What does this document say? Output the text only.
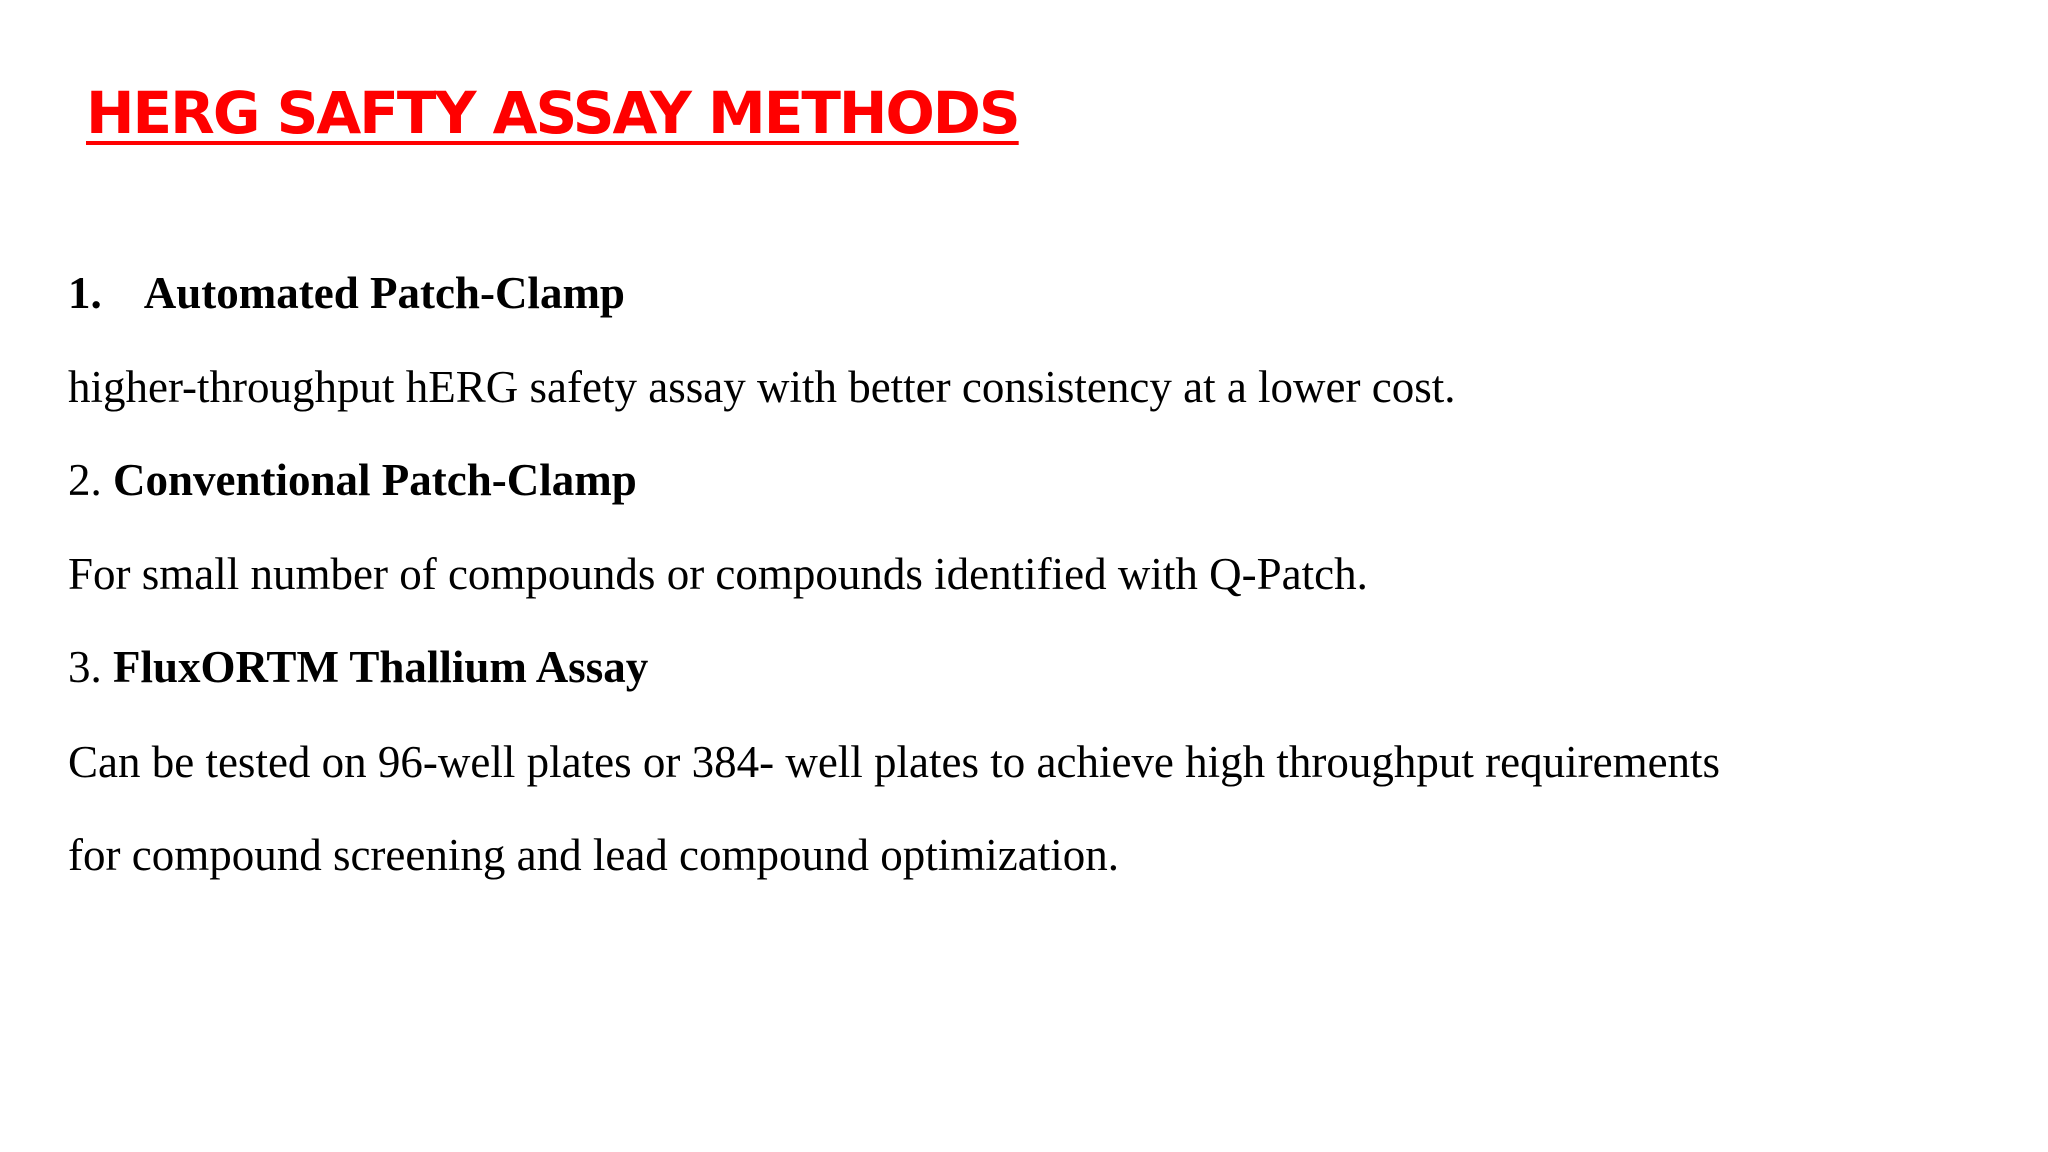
HERG SAFTY ASSAY METHODS
1. Automated Patch-Clamp
higher-throughput hERG safety assay with better consistency at a lower cost.
2. Conventional Patch-Clamp
For small number of compounds or compounds identified with Q-Patch.
3. FluxORTM Thallium Assay
Can be tested on 96-well plates or 384- well plates to achieve high throughput requirements
for compound screening and lead compound optimization.
